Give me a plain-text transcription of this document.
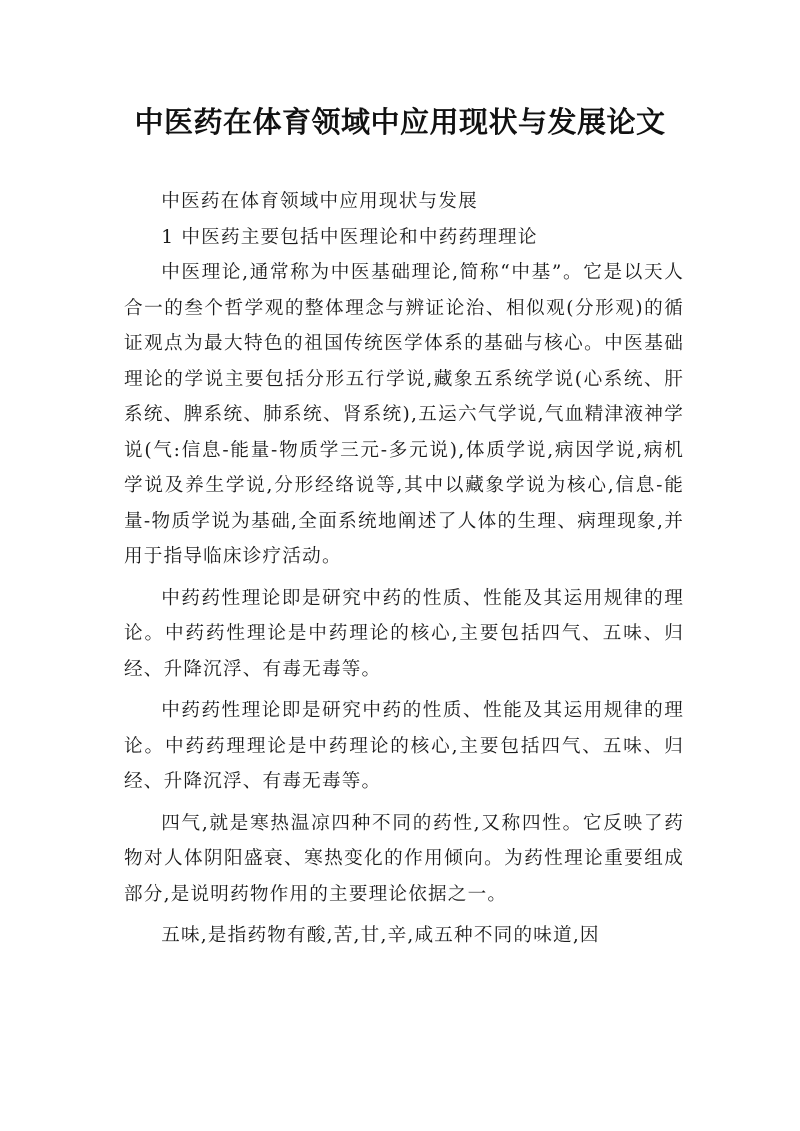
中医药在体育领域中应用现状与发展论文

中医药在体育领域中应用现状与发展

1 中医药主要包括中医理论和中药药理理论

中医理论,通常称为中医基础理论,简称“中基”。它是以天人合一的叁个哲学观的整体理念与辨证论治、相似观(分形观)的循证观点为最大特色的祖国传统医学体系的基础与核心。中医基础理论的学说主要包括分形五行学说,藏象五系统学说(心系统、肝系统、脾系统、肺系统、肾系统),五运六气学说,气血精津液神学说(气:信息-能量-物质学三元-多元说),体质学说,病因学说,病机学说及养生学说,分形经络说等,其中以藏象学说为核心,信息-能量-物质学说为基础,全面系统地阐述了人体的生理、病理现象,并用于指导临床诊疗活动。

中药药性理论即是研究中药的性质、性能及其运用规律的理论。中药药性理论是中药理论的核心,主要包括四气、五味、归经、升降沉浮、有毒无毒等。

中药药性理论即是研究中药的性质、性能及其运用规律的理论。中药药理理论是中药理论的核心,主要包括四气、五味、归经、升降沉浮、有毒无毒等。

四气,就是寒热温凉四种不同的药性,又称四性。它反映了药物对人体阴阳盛衰、寒热变化的作用倾向。为药性理论重要组成部分,是说明药物作用的主要理论依据之一。

五味,是指药物有酸,苦,甘,辛,咸五种不同的味道,因
